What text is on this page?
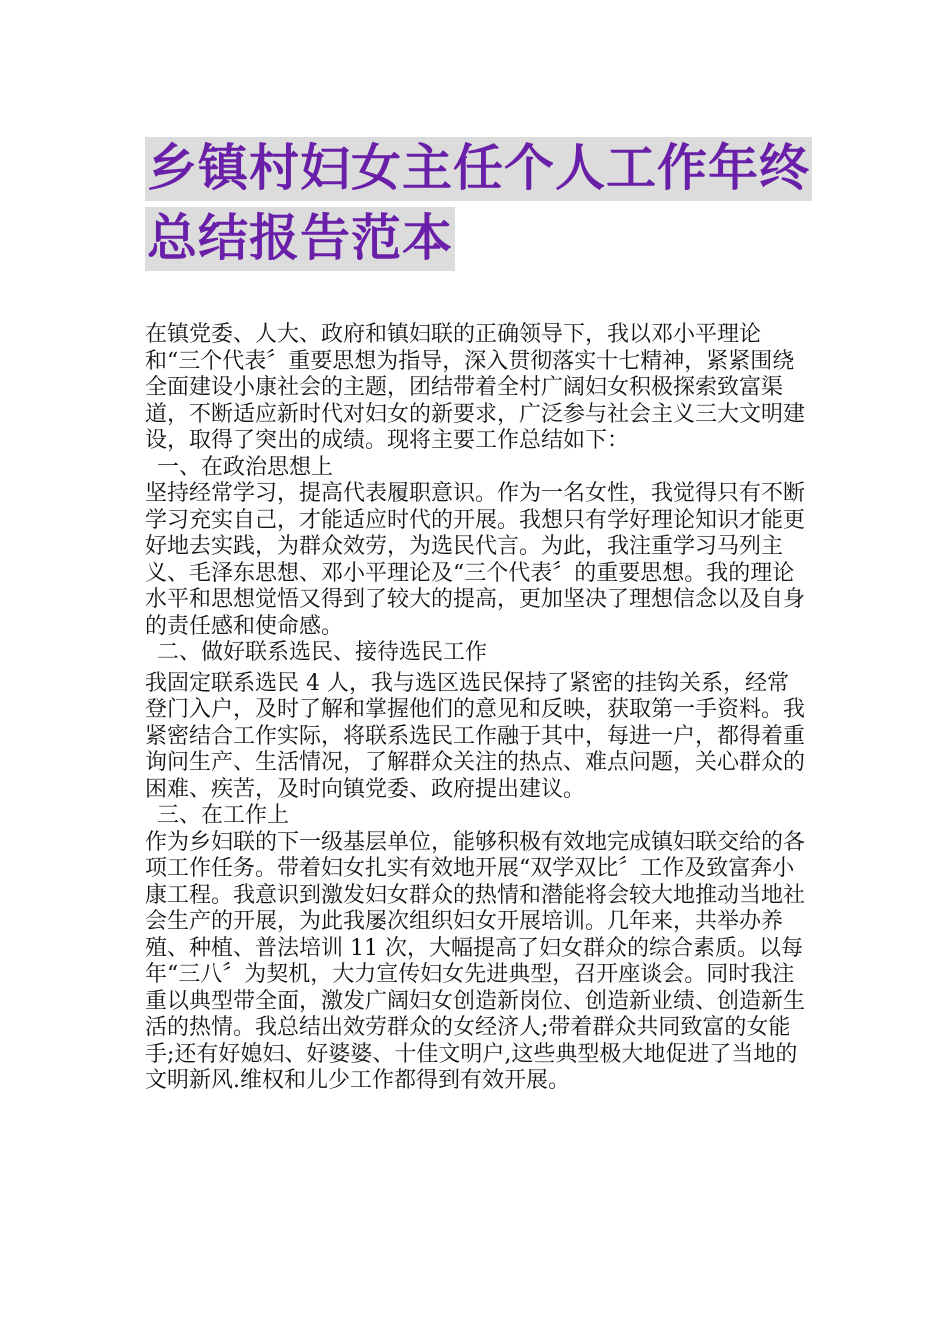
乡镇村妇女主任个人工作年终总结报告范本

在镇党委、人大、政府和镇妇联的正确领导下，我以邓小平理论和“三个代表〞重要思想为指导，深入贯彻落实十七精神，紧紧围绕全面建设小康社会的主题，团结带着全村广阔妇女积极探索致富渠道，不断适应新时代对妇女的新要求，广泛参与社会主义三大文明建设，取得了突出的成绩。现将主要工作总结如下：

一、在政治思想上

坚持经常学习，提高代表履职意识。作为一名女性，我觉得只有不断学习充实自己，才能适应时代的开展。我想只有学好理论知识才能更好地去实践，为群众效劳，为选民代言。为此，我注重学习马列主义、毛泽东思想、邓小平理论及“三个代表〞的重要思想。我的理论水平和思想觉悟又得到了较大的提高，更加坚决了理想信念以及自身的责任感和使命感。

二、做好联系选民、接待选民工作

我固定联系选民 4 人，我与选区选民保持了紧密的挂钩关系，经常登门入户，及时了解和掌握他们的意见和反映，获取第一手资料。我紧密结合工作实际，将联系选民工作融于其中，每进一户，都得着重询问生产、生活情况，了解群众关注的热点、难点问题，关心群众的困难、疾苦，及时向镇党委、政府提出建议。

三、在工作上

作为乡妇联的下一级基层单位，能够积极有效地完成镇妇联交给的各项工作任务。带着妇女扎实有效地开展“双学双比〞工作及致富奔小康工程。我意识到激发妇女群众的热情和潜能将会较大地推动当地社会生产的开展，为此我屡次组织妇女开展培训。几年来，共举办养殖、种植、普法培训 11 次，大幅提高了妇女群众的综合素质。以每年“三八〞为契机，大力宣传妇女先进典型，召开座谈会。同时我注重以典型带全面，激发广阔妇女创造新岗位、创造新业绩、创造新生活的热情。我总结出效劳群众的女经济人;带着群众共同致富的女能手;还有好媳妇、好婆婆、十佳文明户,这些典型极大地促进了当地的文明新风.维权和儿少工作都得到有效开展。
